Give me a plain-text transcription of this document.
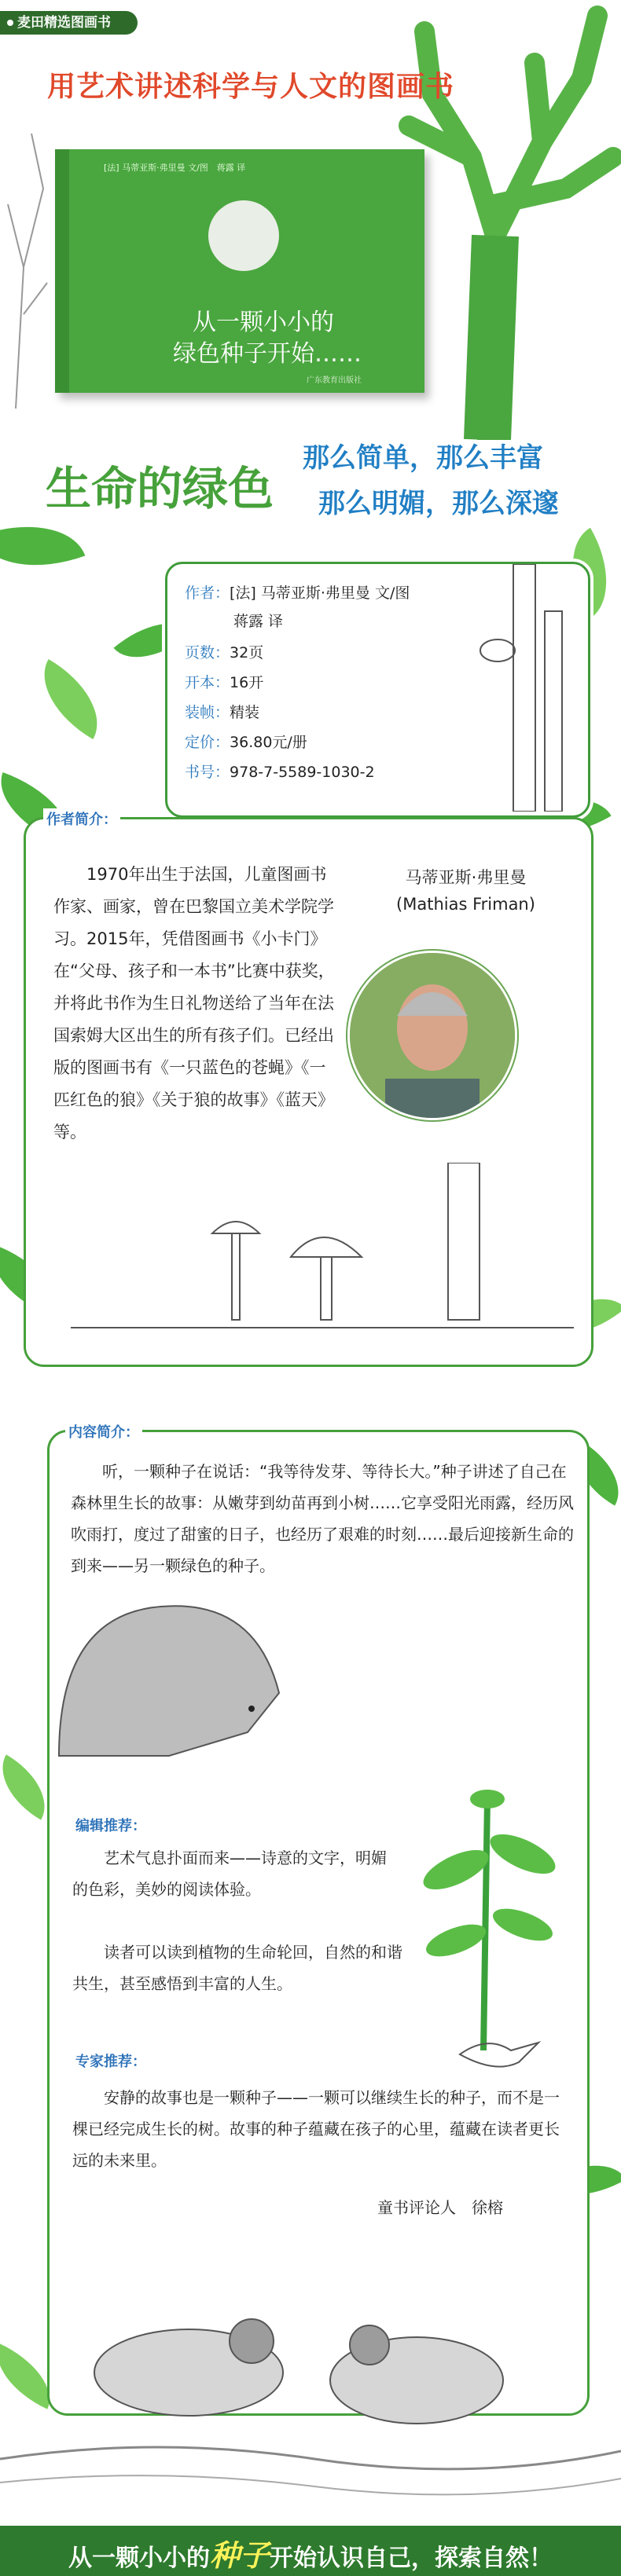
麦田精选图画书
用艺术讲述科学与人文的图画书
[法] 马蒂亚斯·弗里曼 文/图　蒋露 译
从一颗小小的
绿色种子开始……
广东教育出版社
生命的绿色
那么简单，那么丰富
那么明媚，那么深邃
作者：[法] 马蒂亚斯·弗里曼 文/图
蒋露 译
页数：32页
开本：16开
装帧：精装
定价：36.80元/册
书号：978-7-5589-1030-2
作者简介：
1970年出生于法国，儿童图画书作家、画家，曾在巴黎国立美术学院学习。2015年，凭借图画书《小卡门》在“父母、孩子和一本书”比赛中获奖，并将此书作为生日礼物送给了当年在法国索姆大区出生的所有孩子们。已经出版的图画书有《一只蓝色的苍蝇》《一匹红色的狼》《关于狼的故事》《蓝天》等。
马蒂亚斯·弗里曼
(Mathias Friman)
内容简介：
听，一颗种子在说话：“我等待发芽、等待长大。”种子讲述了自己在森林里生长的故事：从嫩芽到幼苗再到小树……它享受阳光雨露，经历风吹雨打，度过了甜蜜的日子，也经历了艰难的时刻……最后迎接新生命的到来——另一颗绿色的种子。
编辑推荐：
艺术气息扑面而来——诗意的文字，明媚的色彩，美妙的阅读体验。
读者可以读到植物的生命轮回，自然的和谐共生，甚至感悟到丰富的人生。
专家推荐：
安静的故事也是一颗种子——一颗可以继续生长的种子，而不是一棵已经完成生长的树。故事的种子蕴藏在孩子的心里，蕴藏在读者更长远的未来里。
童书评论人　徐榕
从一颗小小的种子开始认识自己，探索自然！
